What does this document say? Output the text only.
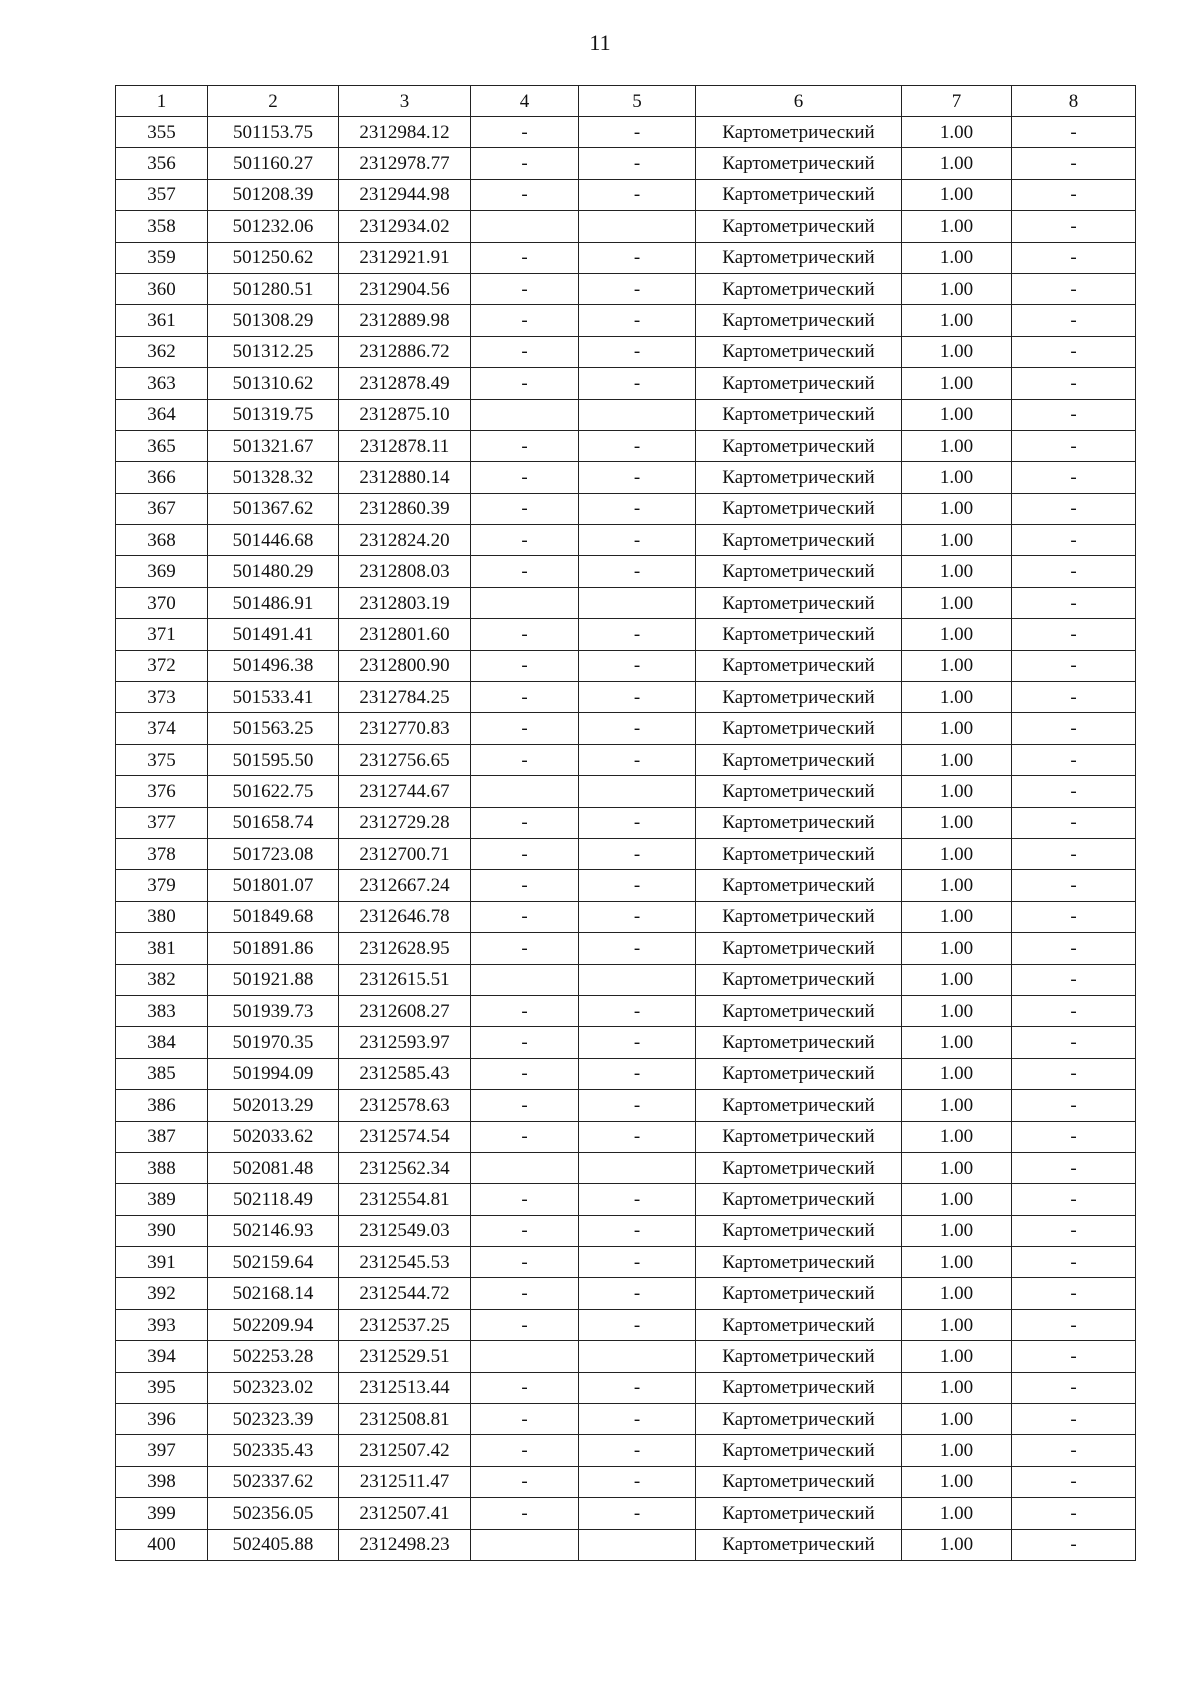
11
1	2	3	4	5	6	7	8
355	501153.75	2312984.12	-	-	Картометрический	1.00	-
356	501160.27	2312978.77	-	-	Картометрический	1.00	-
357	501208.39	2312944.98	-	-	Картометрический	1.00	-
358	501232.06	2312934.02			Картометрический	1.00	-
359	501250.62	2312921.91	-	-	Картометрический	1.00	-
360	501280.51	2312904.56	-	-	Картометрический	1.00	-
361	501308.29	2312889.98	-	-	Картометрический	1.00	-
362	501312.25	2312886.72	-	-	Картометрический	1.00	-
363	501310.62	2312878.49	-	-	Картометрический	1.00	-
364	501319.75	2312875.10			Картометрический	1.00	-
365	501321.67	2312878.11	-	-	Картометрический	1.00	-
366	501328.32	2312880.14	-	-	Картометрический	1.00	-
367	501367.62	2312860.39	-	-	Картометрический	1.00	-
368	501446.68	2312824.20	-	-	Картометрический	1.00	-
369	501480.29	2312808.03	-	-	Картометрический	1.00	-
370	501486.91	2312803.19			Картометрический	1.00	-
371	501491.41	2312801.60	-	-	Картометрический	1.00	-
372	501496.38	2312800.90	-	-	Картометрический	1.00	-
373	501533.41	2312784.25	-	-	Картометрический	1.00	-
374	501563.25	2312770.83	-	-	Картометрический	1.00	-
375	501595.50	2312756.65	-	-	Картометрический	1.00	-
376	501622.75	2312744.67			Картометрический	1.00	-
377	501658.74	2312729.28	-	-	Картометрический	1.00	-
378	501723.08	2312700.71	-	-	Картометрический	1.00	-
379	501801.07	2312667.24	-	-	Картометрический	1.00	-
380	501849.68	2312646.78	-	-	Картометрический	1.00	-
381	501891.86	2312628.95	-	-	Картометрический	1.00	-
382	501921.88	2312615.51			Картометрический	1.00	-
383	501939.73	2312608.27	-	-	Картометрический	1.00	-
384	501970.35	2312593.97	-	-	Картометрический	1.00	-
385	501994.09	2312585.43	-	-	Картометрический	1.00	-
386	502013.29	2312578.63	-	-	Картометрический	1.00	-
387	502033.62	2312574.54	-	-	Картометрический	1.00	-
388	502081.48	2312562.34			Картометрический	1.00	-
389	502118.49	2312554.81	-	-	Картометрический	1.00	-
390	502146.93	2312549.03	-	-	Картометрический	1.00	-
391	502159.64	2312545.53	-	-	Картометрический	1.00	-
392	502168.14	2312544.72	-	-	Картометрический	1.00	-
393	502209.94	2312537.25	-	-	Картометрический	1.00	-
394	502253.28	2312529.51			Картометрический	1.00	-
395	502323.02	2312513.44	-	-	Картометрический	1.00	-
396	502323.39	2312508.81	-	-	Картометрический	1.00	-
397	502335.43	2312507.42	-	-	Картометрический	1.00	-
398	502337.62	2312511.47	-	-	Картометрический	1.00	-
399	502356.05	2312507.41	-	-	Картометрический	1.00	-
400	502405.88	2312498.23			Картометрический	1.00	-
